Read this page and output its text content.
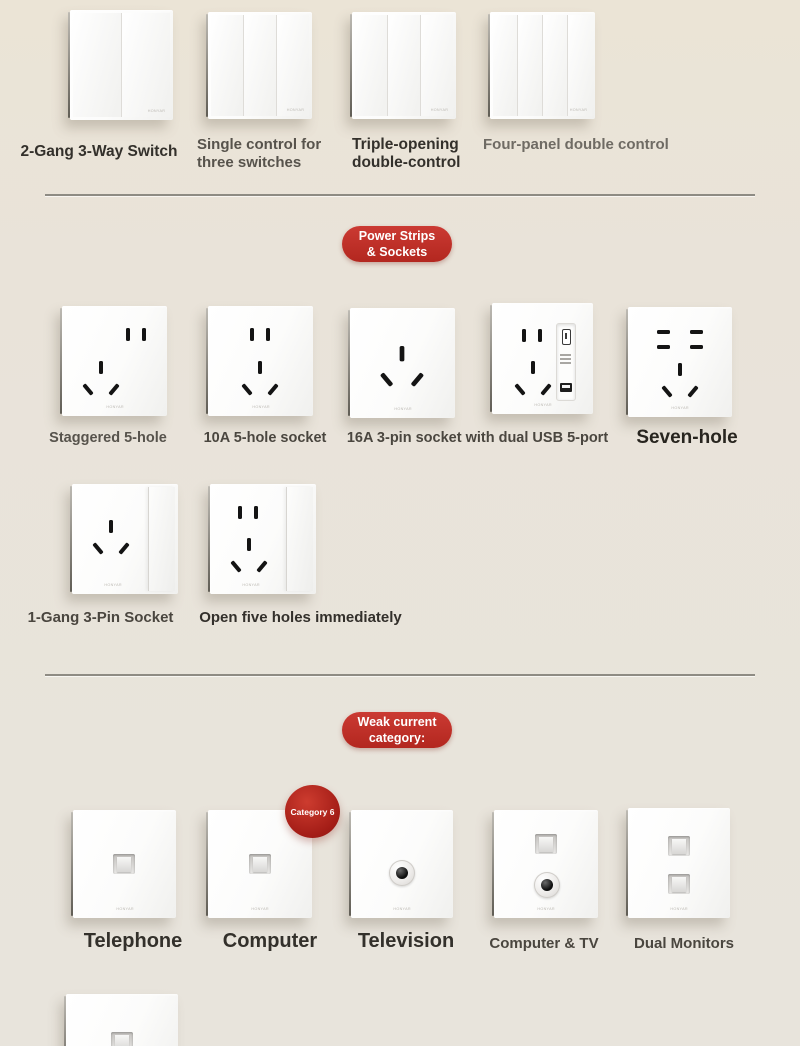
HONYAR	HONYAR	HONYAR	HONYAR
2-Gang 3-Way Switch	Single control for
three switches
Triple-opening
double-control
Four-panel double control
Power Strips
& Sockets
HONYAR	HONYAR
HONYAR
HONYAR
HONYAR
Staggered 5-hole	10A 5-hole socket	16A 3-pin socket with dual USB 5-port	Seven-hole
HONYAR	HONYAR
1-Gang 3-Pin Socket	Open five holes immediately
Weak current
category:
Category 6
HONYAR	HONYAR	HONYAR	HONYAR	HONYAR
Telephone	Computer	Television	Computer & TV	Dual Monitors
